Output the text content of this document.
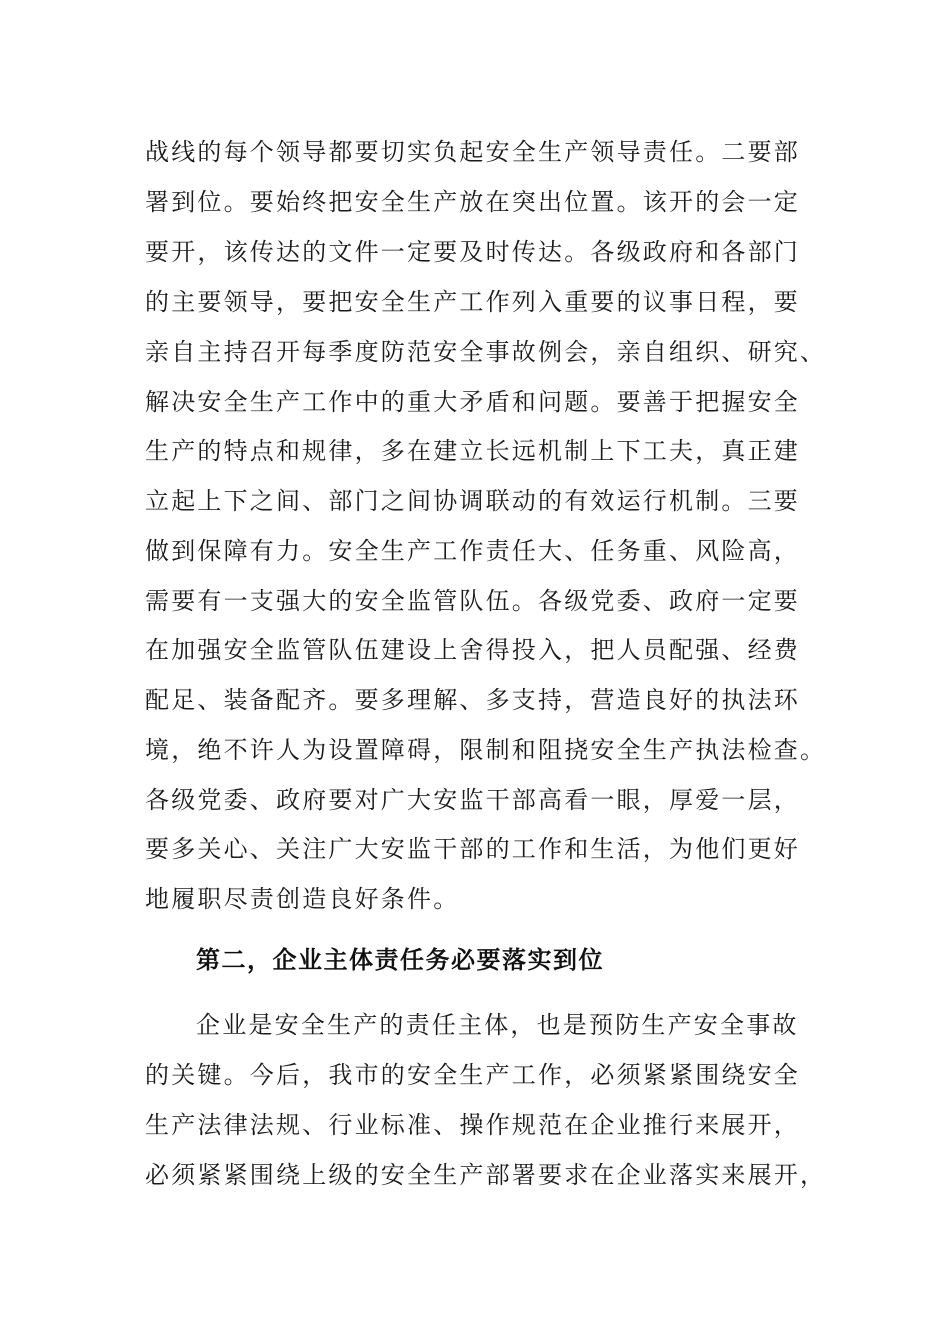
战线的每个领导都要切实负起安全生产领导责任。二要部

署到位。要始终把安全生产放在突出位置。该开的会一定

要开，该传达的文件一定要及时传达。各级政府和各部门

的主要领导，要把安全生产工作列入重要的议事日程，要

亲自主持召开每季度防范安全事故例会，亲自组织、研究、

解决安全生产工作中的重大矛盾和问题。要善于把握安全

生产的特点和规律，多在建立长远机制上下工夫，真正建

立起上下之间、部门之间协调联动的有效运行机制。三要

做到保障有力。安全生产工作责任大、任务重、风险高，

需要有一支强大的安全监管队伍。各级党委、政府一定要

在加强安全监管队伍建设上舍得投入，把人员配强、经费

配足、装备配齐。要多理解、多支持，营造良好的执法环

境，绝不许人为设置障碍，限制和阻挠安全生产执法检查。

各级党委、政府要对广大安监干部高看一眼，厚爱一层，

要多关心、关注广大安监干部的工作和生活，为他们更好

地履职尽责创造良好条件。

第二，企业主体责任务必要落实到位

企业是安全生产的责任主体，也是预防生产安全事故

的关键。今后，我市的安全生产工作，必须紧紧围绕安全

生产法律法规、行业标准、操作规范在企业推行来展开，

必须紧紧围绕上级的安全生产部署要求在企业落实来展开，
